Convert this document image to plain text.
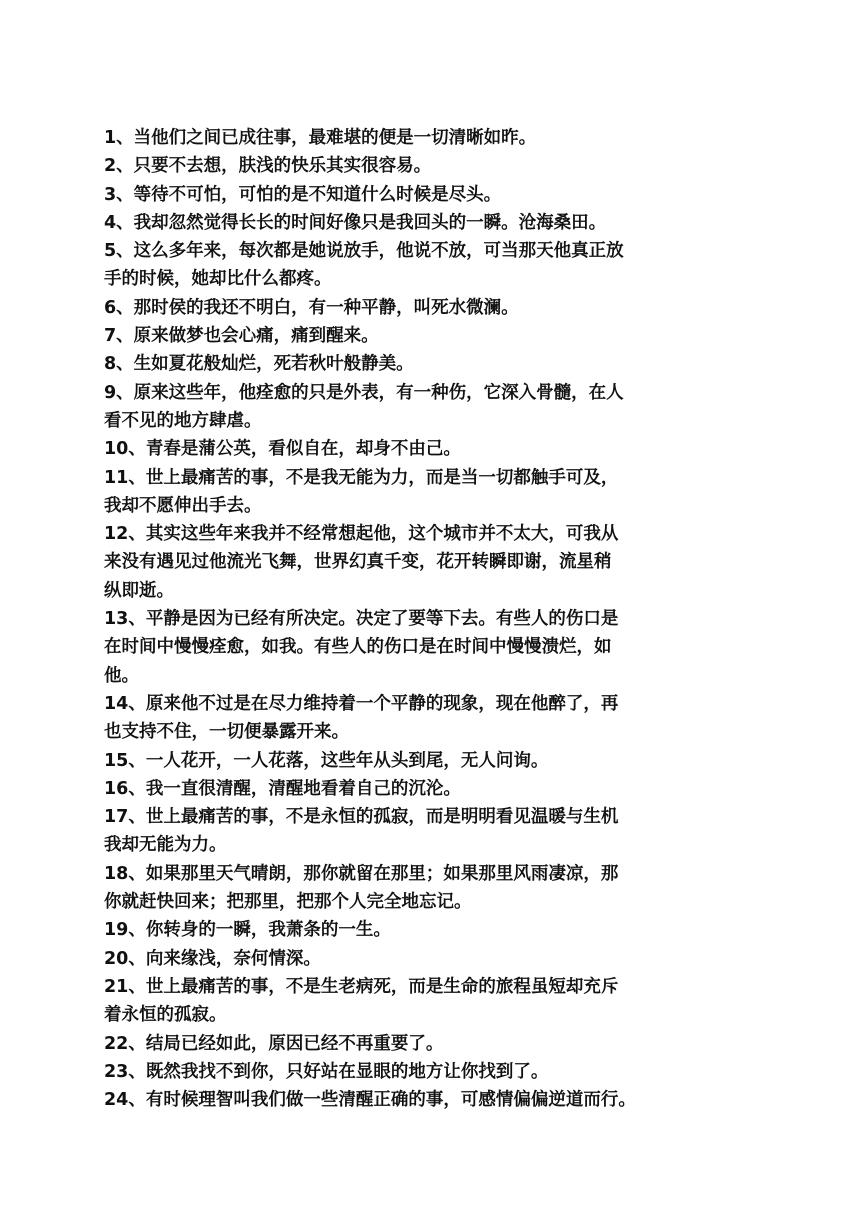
1、当他们之间已成往事，最难堪的便是一切清晰如昨。
2、只要不去想，肤浅的快乐其实很容易。
3、等待不可怕，可怕的是不知道什么时候是尽头。
4、我却忽然觉得长长的时间好像只是我回头的一瞬。沧海桑田。
5、这么多年来，每次都是她说放手，他说不放，可当那天他真正放
手的时候，她却比什么都疼。
6、那时侯的我还不明白，有一种平静，叫死水微澜。
7、原来做梦也会心痛，痛到醒来。
8、生如夏花般灿烂，死若秋叶般静美。
9、原来这些年，他痊愈的只是外表，有一种伤，它深入骨髓，在人
看不见的地方肆虐。
10、青春是蒲公英，看似自在，却身不由己。
11、世上最痛苦的事，不是我无能为力，而是当一切都触手可及，
我却不愿伸出手去。
12、其实这些年来我并不经常想起他，这个城市并不太大，可我从
来没有遇见过他流光飞舞，世界幻真千变，花开转瞬即谢，流星稍
纵即逝。
13、平静是因为已经有所决定。决定了要等下去。有些人的伤口是
在时间中慢慢痊愈，如我。有些人的伤口是在时间中慢慢溃烂，如
他。
14、原来他不过是在尽力维持着一个平静的现象，现在他醉了，再
也支持不住，一切便暴露开来。
15、一人花开，一人花落，这些年从头到尾，无人问询。
16、我一直很清醒，清醒地看着自己的沉沦。
17、世上最痛苦的事，不是永恒的孤寂，而是明明看见温暖与生机
我却无能为力。
18、如果那里天气晴朗，那你就留在那里；如果那里风雨凄凉，那
你就赶快回来；把那里，把那个人完全地忘记。
19、你转身的一瞬，我萧条的一生。
20、向来缘浅，奈何情深。
21、世上最痛苦的事，不是生老病死，而是生命的旅程虽短却充斥
着永恒的孤寂。
22、结局已经如此，原因已经不再重要了。
23、既然我找不到你，只好站在显眼的地方让你找到了。
24、有时候理智叫我们做一些清醒正确的事，可感情偏偏逆道而行。
